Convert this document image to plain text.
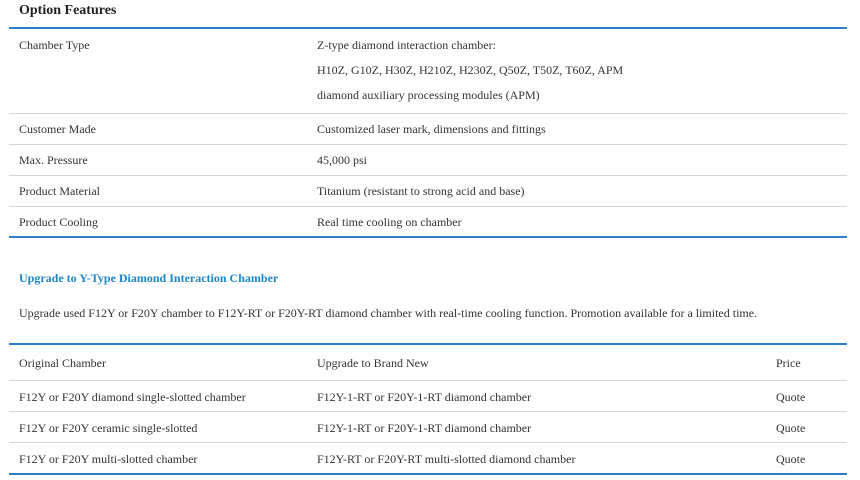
Option Features
Chamber Type	Z-type diamond interaction chamber:
H10Z, G10Z, H30Z, H210Z, H230Z, Q50Z, T50Z, T60Z, APM
diamond auxiliary processing modules (APM)
Customer Made	Customized laser mark, dimensions and fittings
Max. Pressure	45,000 psi
Product Material	Titanium (resistant to strong acid and base)
Product Cooling	Real time cooling on chamber
Upgrade to Y-Type Diamond Interaction Chamber
Upgrade used F12Y or F20Y chamber to F12Y-RT or F20Y-RT diamond chamber with real-time cooling function. Promotion available for a limited time.
Original Chamber	Upgrade to Brand New	Price
F12Y or F20Y diamond single-slotted chamber	F12Y-1-RT or F20Y-1-RT diamond chamber	Quote
F12Y or F20Y ceramic single-slotted	F12Y-1-RT or F20Y-1-RT diamond chamber	Quote
F12Y or F20Y multi-slotted chamber	F12Y-RT or F20Y-RT multi-slotted diamond chamber	Quote
